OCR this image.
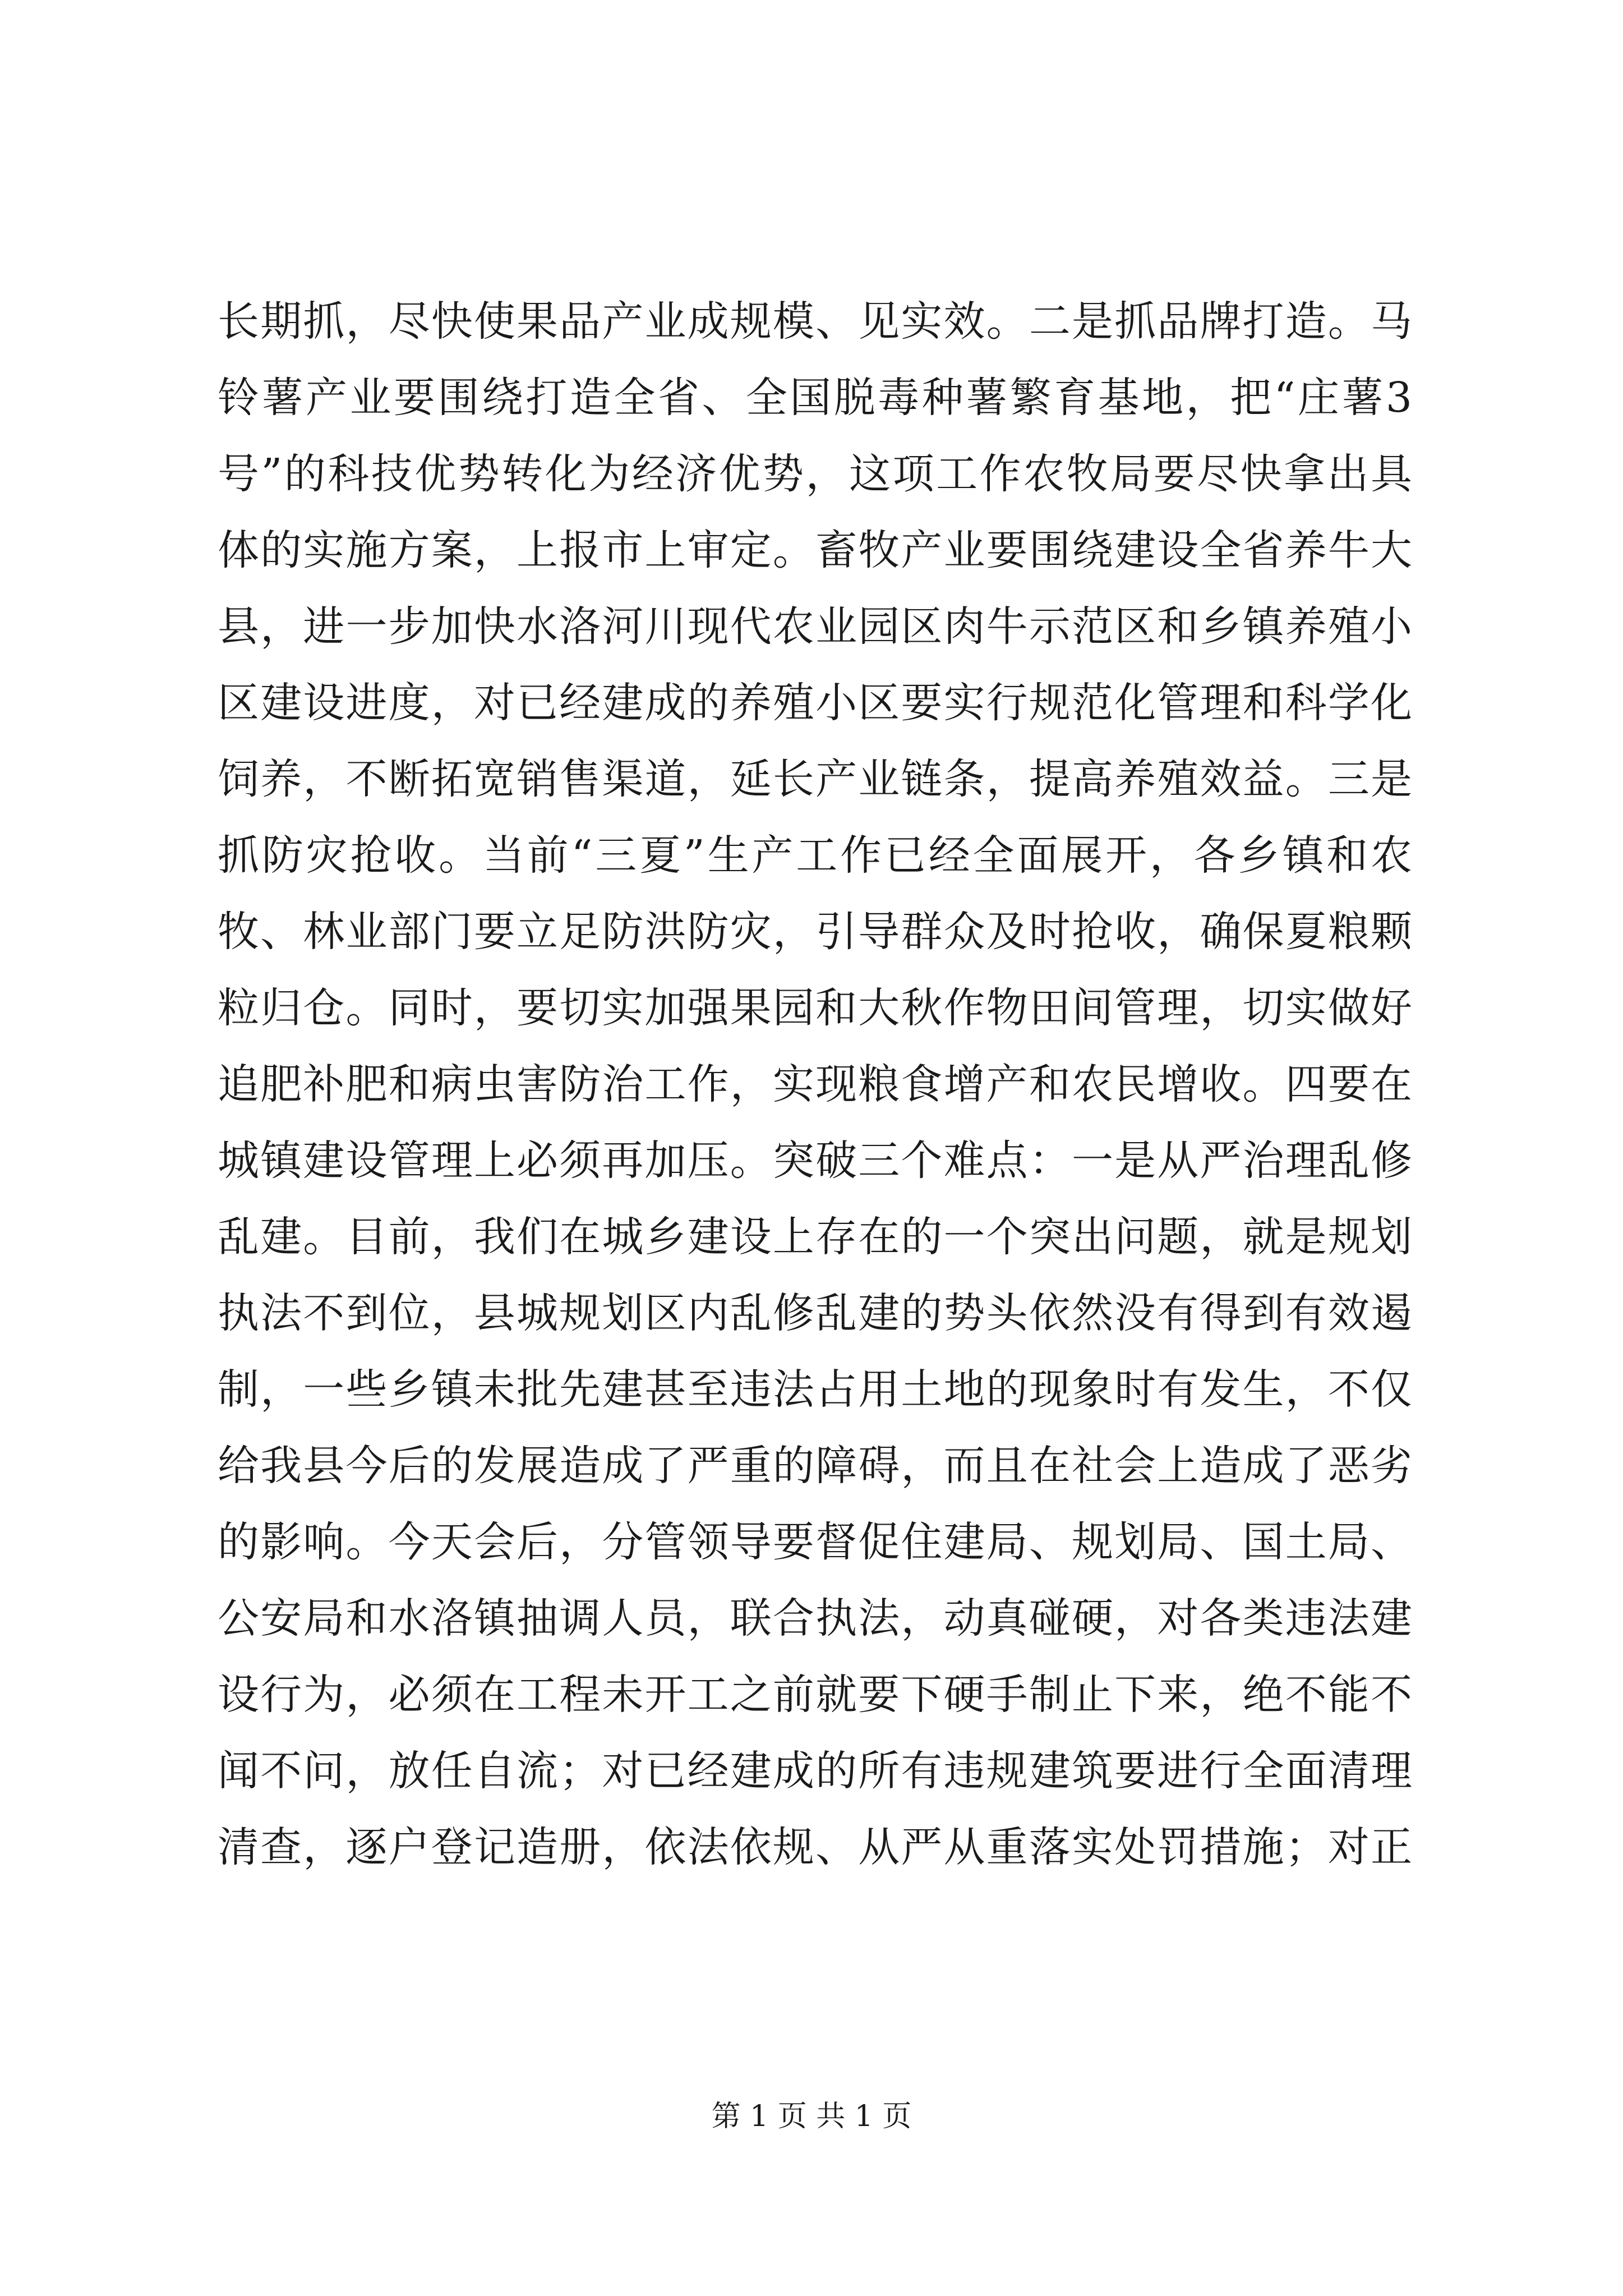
长期抓，尽快使果品产业成规模、见实效。二是抓品牌打造。马
铃薯产业要围绕打造全省、全国脱毒种薯繁育基地，把“庄薯3
号”的科技优势转化为经济优势，这项工作农牧局要尽快拿出具
体的实施方案，上报市上审定。畜牧产业要围绕建设全省养牛大
县，进一步加快水洛河川现代农业园区肉牛示范区和乡镇养殖小
区建设进度，对已经建成的养殖小区要实行规范化管理和科学化
饲养，不断拓宽销售渠道，延长产业链条，提高养殖效益。三是
抓防灾抢收。当前“三夏”生产工作已经全面展开，各乡镇和农
牧、林业部门要立足防洪防灾，引导群众及时抢收，确保夏粮颗
粒归仓。同时，要切实加强果园和大秋作物田间管理，切实做好
追肥补肥和病虫害防治工作，实现粮食增产和农民增收。四要在
城镇建设管理上必须再加压。突破三个难点：一是从严治理乱修
乱建。目前，我们在城乡建设上存在的一个突出问题，就是规划
执法不到位，县城规划区内乱修乱建的势头依然没有得到有效遏
制，一些乡镇未批先建甚至违法占用土地的现象时有发生，不仅
给我县今后的发展造成了严重的障碍，而且在社会上造成了恶劣
的影响。今天会后，分管领导要督促住建局、规划局、国土局、
公安局和水洛镇抽调人员，联合执法，动真碰硬，对各类违法建
设行为，必须在工程未开工之前就要下硬手制止下来，绝不能不
闻不问，放任自流；对已经建成的所有违规建筑要进行全面清理
清查，逐户登记造册，依法依规、从严从重落实处罚措施；对正
第 1 页 共 1 页
